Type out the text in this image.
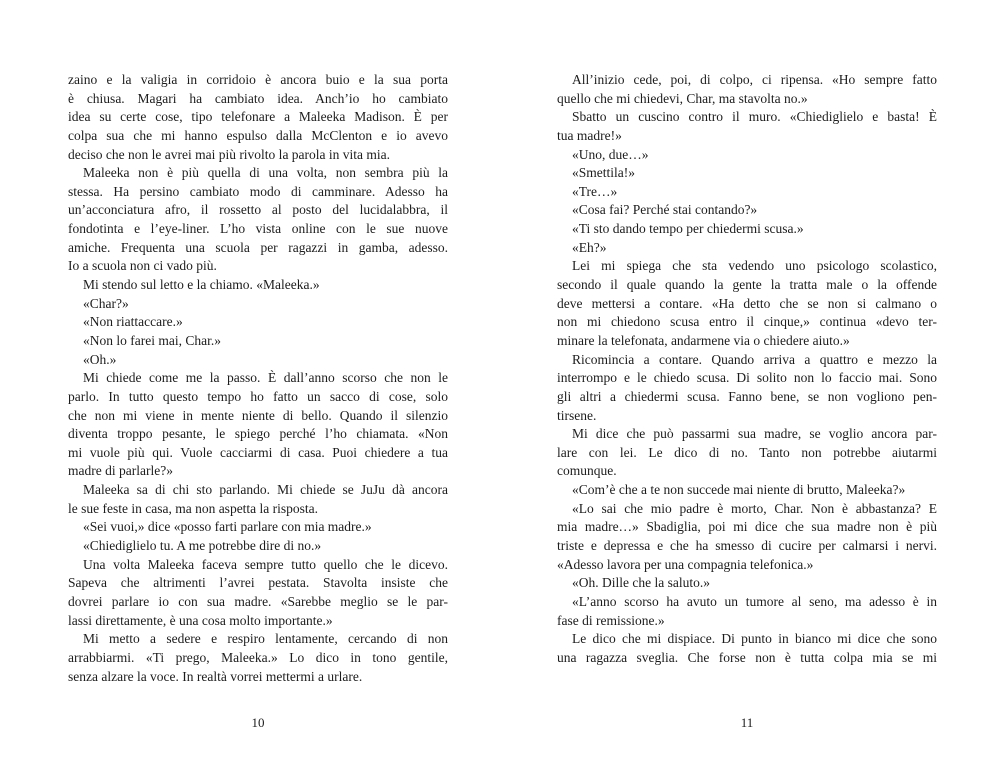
zaino e la valigia in corridoio è ancora buio e la sua porta
è chiusa. Magari ha cambiato idea. Anch’io ho cambiato
idea su certe cose, tipo telefonare a Maleeka Madison. È per
colpa sua che mi hanno espulso dalla McClenton e io avevo
deciso che non le avrei mai più rivolto la parola in vita mia.
Maleeka non è più quella di una volta, non sembra più la
stessa. Ha persino cambiato modo di camminare. Adesso ha
un’acconciatura afro, il rossetto al posto del lucidalabbra, il
fondotinta e l’eye-liner. L’ho vista online con le sue nuove
amiche. Frequenta una scuola per ragazzi in gamba, adesso.
Io a scuola non ci vado più.
Mi stendo sul letto e la chiamo. «Maleeka.»
«Char?»
«Non riattaccare.»
«Non lo farei mai, Char.»
«Oh.»
Mi chiede come me la passo. È dall’anno scorso che non le
parlo. In tutto questo tempo ho fatto un sacco di cose, solo
che non mi viene in mente niente di bello. Quando il silenzio
diventa troppo pesante, le spiego perché l’ho chiamata. «Non
mi vuole più qui. Vuole cacciarmi di casa. Puoi chiedere a tua
madre di parlarle?»
Maleeka sa di chi sto parlando. Mi chiede se JuJu dà ancora
le sue feste in casa, ma non aspetta la risposta.
«Sei vuoi,» dice «posso farti parlare con mia madre.»
«Chiediglielo tu. A me potrebbe dire di no.»
Una volta Maleeka faceva sempre tutto quello che le dicevo.
Sapeva che altrimenti l’avrei pestata. Stavolta insiste che
dovrei parlare io con sua madre. «Sarebbe meglio se le par-
lassi direttamente, è una cosa molto importante.»
Mi metto a sedere e respiro lentamente, cercando di non
arrabbiarmi. «Ti prego, Maleeka.» Lo dico in tono gentile,
senza alzare la voce. In realtà vorrei mettermi a urlare.
10
All’inizio cede, poi, di colpo, ci ripensa. «Ho sempre fatto
quello che mi chiedevi, Char, ma stavolta no.»
Sbatto un cuscino contro il muro. «Chiediglielo e basta! È
tua madre!»
«Uno, due…»
«Smettila!»
«Tre…»
«Cosa fai? Perché stai contando?»
«Ti sto dando tempo per chiedermi scusa.»
«Eh?»
Lei mi spiega che sta vedendo uno psicologo scolastico,
secondo il quale quando la gente la tratta male o la offende
deve mettersi a contare. «Ha detto che se non si calmano o
non mi chiedono scusa entro il cinque,» continua «devo ter-
minare la telefonata, andarmene via o chiedere aiuto.»
Ricomincia a contare. Quando arriva a quattro e mezzo la
interrompo e le chiedo scusa. Di solito non lo faccio mai. Sono
gli altri a chiedermi scusa. Fanno bene, se non vogliono pen-
tirsene.
Mi dice che può passarmi sua madre, se voglio ancora par-
lare con lei. Le dico di no. Tanto non potrebbe aiutarmi
comunque.
«Com’è che a te non succede mai niente di brutto, Maleeka?»
«Lo sai che mio padre è morto, Char. Non è abbastanza? E
mia madre…» Sbadiglia, poi mi dice che sua madre non è più
triste e depressa e che ha smesso di cucire per calmarsi i nervi.
«Adesso lavora per una compagnia telefonica.»
«Oh. Dille che la saluto.»
«L’anno scorso ha avuto un tumore al seno, ma adesso è in
fase di remissione.»
Le dico che mi dispiace. Di punto in bianco mi dice che sono
una ragazza sveglia. Che forse non è tutta colpa mia se mi
11
